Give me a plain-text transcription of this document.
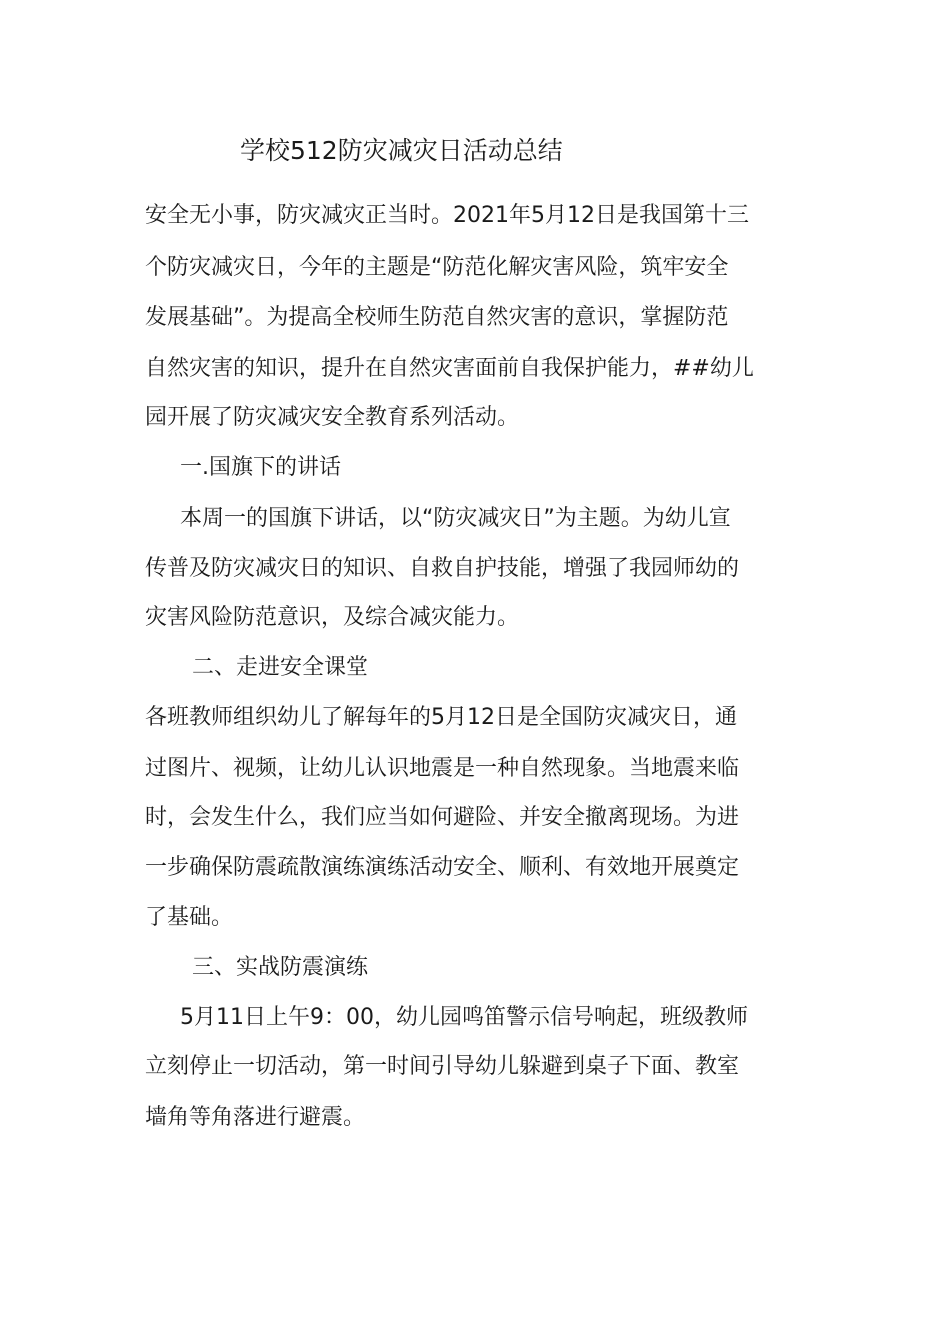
学校512防灾减灾日活动总结

安全无小事，防灾减灾正当时。2021年5月12日是我国第十三

个防灾减灾日，今年的主题是“防范化解灾害风险，筑牢安全

发展基础”。为提高全校师生防范自然灾害的意识，掌握防范

自然灾害的知识，提升在自然灾害面前自我保护能力，##幼儿

园开展了防灾减灾安全教育系列活动。

一.国旗下的讲话

本周一的国旗下讲话，以“防灾减灾日”为主题。为幼儿宣

传普及防灾减灾日的知识、自救自护技能，增强了我园师幼的

灾害风险防范意识，及综合减灾能力。

二、走进安全课堂

各班教师组织幼儿了解每年的5月12日是全国防灾减灾日，通

过图片、视频，让幼儿认识地震是一种自然现象。当地震来临

时，会发生什么，我们应当如何避险、并安全撤离现场。为进

一步确保防震疏散演练演练活动安全、顺利、有效地开展奠定

了基础。

三、实战防震演练

5月11日上午9：00，幼儿园鸣笛警示信号响起，班级教师

立刻停止一切活动，第一时间引导幼儿躲避到桌子下面、教室

墙角等角落进行避震。
